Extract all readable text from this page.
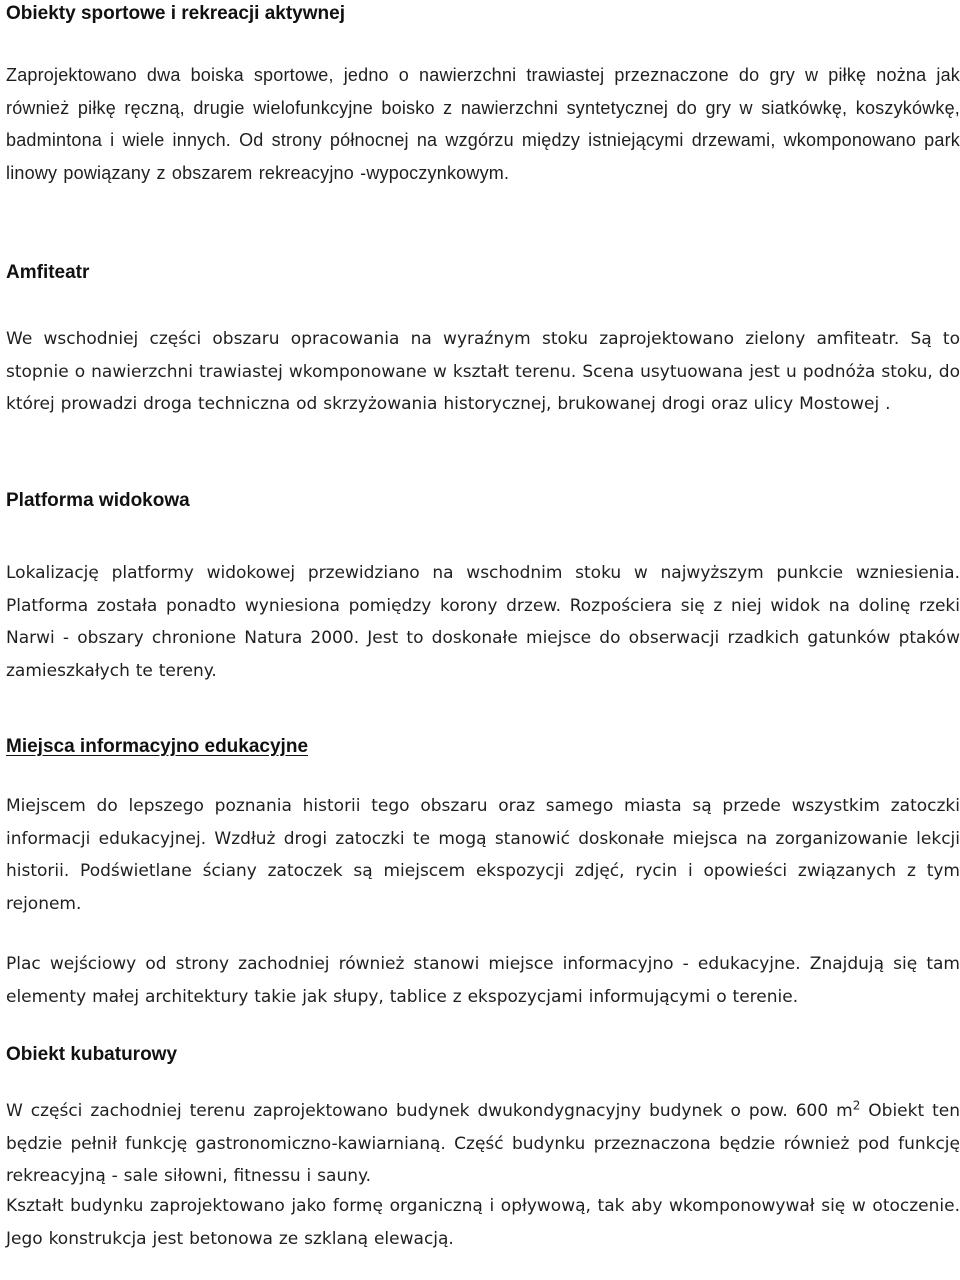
Obiekty sportowe i rekreacji aktywnej

Zaprojektowano dwa boiska sportowe, jedno o nawierzchni trawiastej przeznaczone do gry w piłkę nożna jak również piłkę ręczną, drugie wielofunkcyjne boisko z nawierzchni syntetycznej do gry w siatkówkę, koszykówkę, badmintona i wiele innych. Od strony północnej na wzgórzu między istniejącymi drzewami, wkomponowano park linowy powiązany z obszarem rekreacyjno -wypoczynkowym.

Amfiteatr

We wschodniej części obszaru opracowania na wyraźnym stoku zaprojektowano zielony amfiteatr. Są to stopnie o nawierzchni trawiastej wkomponowane w kształt terenu. Scena usytuowana jest u podnóża stoku, do której prowadzi droga techniczna od skrzyżowania historycznej, brukowanej drogi oraz ulicy Mostowej .

Platforma widokowa

Lokalizację platformy widokowej przewidziano na wschodnim stoku w najwyższym punkcie wzniesienia. Platforma została ponadto wyniesiona pomiędzy korony drzew. Rozpościera się z niej widok na dolinę rzeki Narwi - obszary chronione Natura 2000. Jest to doskonałe miejsce do obserwacji rzadkich gatunków ptaków zamieszkałych te tereny.

Miejsca informacyjno edukacyjne

Miejscem do lepszego poznania historii tego obszaru oraz samego miasta są przede wszystkim zatoczki informacji edukacyjnej. Wzdłuż drogi zatoczki te mogą stanowić doskonałe miejsca na zorganizowanie lekcji historii. Podświetlane ściany zatoczek są miejscem ekspozycji zdjęć, rycin i opowieści związanych z tym rejonem.

Plac wejściowy od strony zachodniej również stanowi miejsce informacyjno - edukacyjne. Znajdują się tam elementy małej architektury takie jak słupy, tablice z ekspozycjami informującymi o terenie.

Obiekt kubaturowy

W części zachodniej terenu zaprojektowano budynek dwukondygnacyjny budynek o pow. 600 $m^2$ Obiekt ten będzie pełnił funkcję gastronomiczno-kawiarnianą. Część budynku przeznaczona będzie również pod funkcję rekreacyjną - sale siłowni, fitnessu i sauny.

Kształt budynku zaprojektowano jako formę organiczną i opływową, tak aby wkomponowywał się w otoczenie. Jego konstrukcja jest betonowa ze szklaną elewacją.
